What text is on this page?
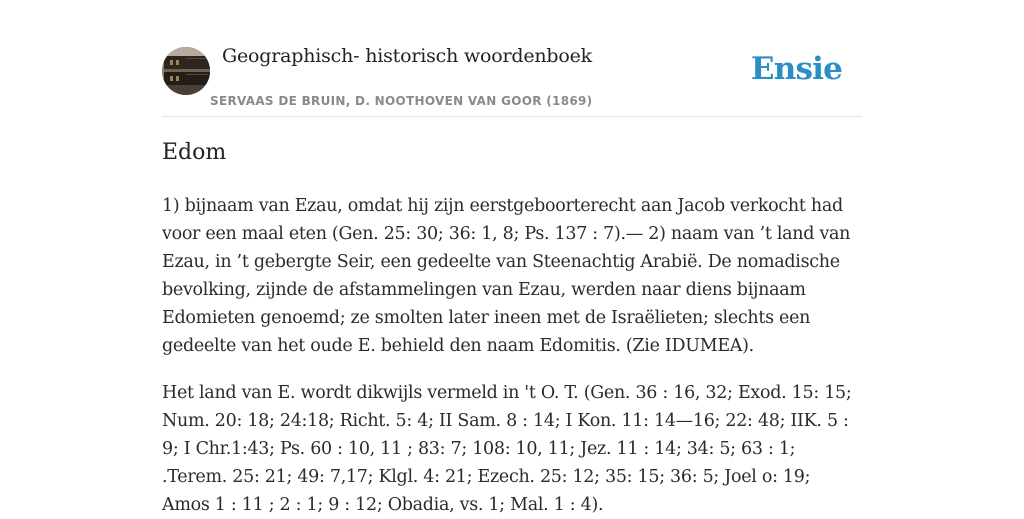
Geographisch- historisch woordenboek
SERVAAS DE BRUIN, D. NOOTHOVEN VAN GOOR (1869)
Ensie
Edom

1) bijnaam van Ezau, omdat hij zijn eerstgeboorterecht aan Jacob verkocht had voor een maal eten (Gen. 25: 30; 36: 1, 8; Ps. 137 : 7).— 2) naam van ’t land van Ezau, in ’t gebergte Seir, een gedeelte van Steenachtig Arabië. De nomadische bevolking, zijnde de afstammelingen van Ezau, werden naar diens bijnaam Edomieten genoemd; ze smolten later ineen met de Israëlieten; slechts een gedeelte van het oude E. behield den naam Edomitis. (Zie IDUMEA).

Het land van E. wordt dikwijls vermeld in 't O. T. (Gen. 36 : 16, 32; Exod. 15: 15; Num. 20: 18; 24:18; Richt. 5: 4; II Sam. 8 : 14; I Kon. 11: 14—16; 22: 48; IIK. 5 : 9; I Chr.1:43; Ps. 60 : 10, 11 ; 83: 7; 108: 10, 11; Jez. 11 : 14; 34: 5; 63 : 1; .Terem. 25: 21; 49: 7,17; Klgl. 4: 21; Ezech. 25: 12; 35: 15; 36: 5; Joel o: 19; Amos 1 : 11 ; 2 : 1; 9 : 12; Obadia, vs. 1; Mal. 1 : 4).
